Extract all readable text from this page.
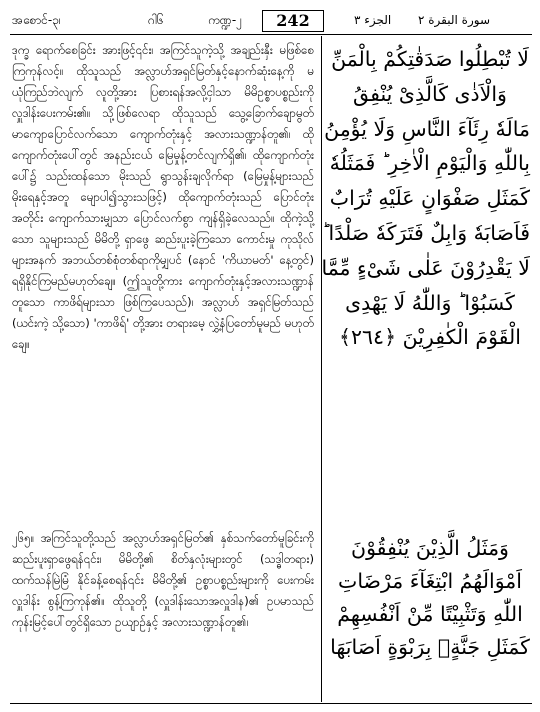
အစောင်-၃၊	ဂါ၆	ကဏ္ဍ-၂	242	الجزء ٣ سورة البقرة ٢
ဒုက္ခ ရောက်စေခြင်း အားဖြင့်၎င်း၊ အကြင်သူကဲ့သို့ အချည်းနှီး မဖြစ်စေကြကုန်လင့်။ ထိုသူသည် အလ္လာဟ်အရှင်မြတ်နှင့်နောက်ဆုံးနေ့ကို မယုံကြည်ဘဲလျက် လူတို့အား ပြစားရန်အလို့ငှါသာ မိမိဥစ္စာပစ္စည်းကို လှူဒါန်းပေးကမ်း၏။ သို့ဖြစ်လေရာ ထိုသူသည် သွေ့ခြောက်ချောမွတ် မာကျောပြောင်လက်သော ကျောက်တုံးနှင့် အလားသဏ္ဍာန်တူ၏၊ ထိုကျောက်တုံးပေါ်တွင် အနည်းငယ် မြေမှုန့်တင်လျက်ရှိ၏၊ ထိုကျောက်တုံးပေါ်၌ သည်းထန်သော မိုးသည် ရွာသွန်းချလိုက်ရာ (မြေမှုန့်များသည် မိုးရေနှင့်အတူ မျောပါ၍သွားသဖြင့်) ထိုကျောက်တုံးသည် ပြောင်တုံးအတိုင်း ကျောက်သားမျှသာ ပြောင်လက်စွာ ကျန်ရှိခဲ့လေသည်။ ထိုကဲ့သို့သော သူများသည် မိမိတို့ ရှာဖွေ ဆည်းပူးခဲ့ကြသော ကောင်းမှု ကုသိုလ်များအနက် အဘယ်တစ်စုံတစ်ရာကိုမျှပင် (နောင် 'ကိယာမတ်' နေ့တွင်) ရရှိနိုင်ကြမည်မဟုတ်ချေ။ (ဤသူတို့ကား ကျောက်တုံးနှင့်အလားသဏ္ဍာန်တူသော ကာဖိရ်များသာ ဖြစ်ကြပေသည်)၊ အလ္လာဟ် အရှင်မြတ်သည် (ယင်းကဲ့ သို့သော) 'ကာဖိရ်' တို့အား တရားမေ့ လွှဲ့နံပြတော်မူမည် မဟုတ်ချေ။
၂၆၅။ အကြင်သူတို့သည် အလ္လာဟ်အရှင်မြတ်၏ နှစ်သက်တော်မူခြင်းကို ဆည်းပူးရှာဖွေရန်၎င်း၊ မိမိတို့၏ စိတ်နှလုံးများတွင် (သဒ္ဓါတရား) ထက်သန်မြဲမြံ နိုင်ခန့်စေရန်၎င်း မိမိတို့၏ ဥစ္စာပစ္စည်းများကို ပေးကမ်းလှူဒါန်း စွန့်ကြကုန်၏။ ထိုသူတို့ (လှူဒါန်းသောအလှူဒါန)၏ ဥပမာသည် ကုန်းမြင့်ပေါ်တွင်ရှိသော ဥယျာဉ်နှင့် အလားသဏ္ဍာန်တူ၏၊
لَا تُبْطِلُوا صَدَقٰتِكُمْ بِالْمَنِّ
وَالْاَذٰى كَالَّذِىْ يُنْفِقُ
مَالَهٗ رِئَآءَ النَّاسِ وَلَا يُؤْمِنُ
بِاللّٰهِ وَالْيَوْمِ الْاٰخِرِ ؕ فَمَثَلُهٗ
كَمَثَلِ صَفْوَانٍ عَلَيْهِ تُرَابٌ
فَاَصَابَهٗ وَابِلٌ فَتَرَكَهٗ صَلْدًا ؕ
لَا يَقْدِرُوْنَ عَلٰى شَىْءٍ مِّمَّا
كَسَبُوْا ؕ وَاللّٰهُ لَا يَهْدِى
الْقَوْمَ الْكٰفِرِيْنَ ﴿٢٦٤﴾
وَمَثَلُ الَّذِيْنَ يُنْفِقُوْنَ
اَمْوَالَهُمُ ابْتِغَآءَ مَرْضَاتِ
اللّٰهِ وَتَثْبِيْتًا مِّنْ اَنْفُسِهِمْ
كَمَثَلِ جَنَّةٍۢ بِرَبْوَةٍ اَصَابَهَا
